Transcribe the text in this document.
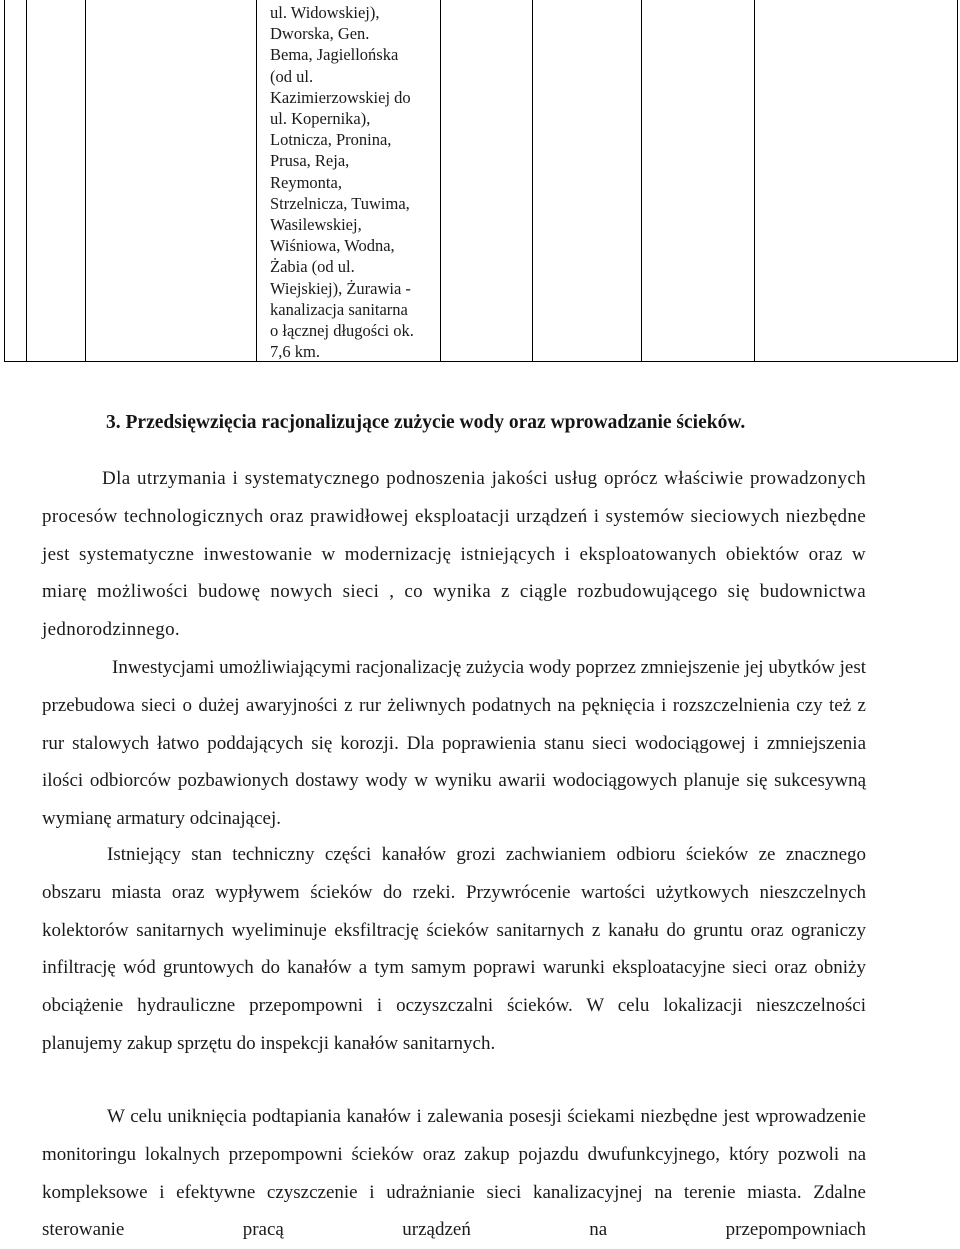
ul. Widowskiej),
Dworska, Gen.
Bema, Jagiellońska
(od ul.
Kazimierzowskiej do
ul. Kopernika),
Lotnicza, Pronina,
Prusa, Reja,
Reymonta,
Strzelnicza, Tuwima,
Wasilewskiej,
Wiśniowa, Wodna,
Żabia (od ul.
Wiejskiej), Żurawia -
kanalizacja sanitarna
o łącznej długości ok.
7,6 km.
3. Przedsięwzięcia racjonalizujące zużycie wody oraz wprowadzanie ścieków.

Dla utrzymania i systematycznego podnoszenia jakości usług oprócz właściwie prowadzonych procesów technologicznych oraz prawidłowej eksploatacji urządzeń i systemów sieciowych niezbędne jest systematyczne inwestowanie w modernizację istniejących i eksploatowanych obiektów oraz w miarę możliwości budowę nowych sieci , co wynika z ciągle rozbudowującego się budownictwa jednorodzinnego.

Inwestycjami umożliwiającymi racjonalizację zużycia wody poprzez zmniejszenie jej ubytków jest przebudowa sieci o dużej awaryjności z rur żeliwnych podatnych na pęknięcia i rozszczelnienia czy też z rur stalowych łatwo poddających się korozji. Dla poprawienia stanu sieci wodociągowej i zmniejszenia ilości odbiorców pozbawionych dostawy wody w wyniku awarii wodociągowych planuje się sukcesywną wymianę armatury odcinającej.

Istniejący stan techniczny części kanałów grozi zachwianiem odbioru ścieków ze znacznego obszaru miasta oraz wypływem ścieków do rzeki. Przywrócenie wartości użytkowych nieszczelnych kolektorów sanitarnych wyeliminuje eksfiltrację ścieków sanitarnych z kanału do gruntu oraz ograniczy infiltrację wód gruntowych do kanałów a tym samym poprawi warunki eksploatacyjne sieci oraz obniży obciążenie hydrauliczne przepompowni i oczyszczalni ścieków. W celu lokalizacji nieszczelności planujemy zakup sprzętu do inspekcji kanałów sanitarnych.

W celu uniknięcia podtapiania kanałów i zalewania posesji ściekami niezbędne jest wprowadzenie monitoringu lokalnych przepompowni ścieków oraz zakup pojazdu dwufunkcyjnego, który pozwoli na kompleksowe i efektywne czyszczenie i udrażnianie sieci kanalizacyjnej na terenie miasta. Zdalne sterowanie pracą urządzeń na przepompowniach
